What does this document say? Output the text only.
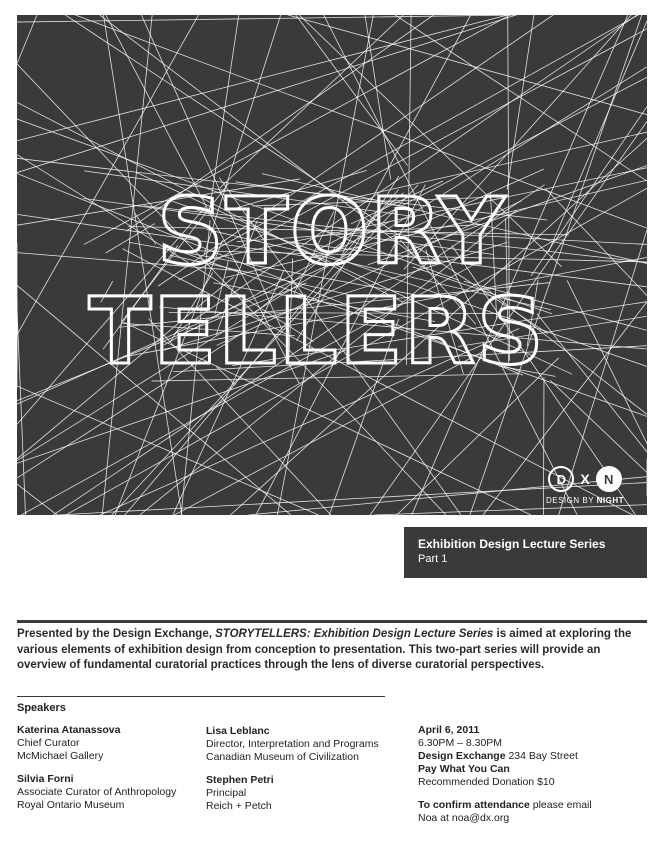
STORY
TELLERS
D	X	N
DESIGN BY NIGHT
Exhibition Design Lecture Series
Part 1
Presented by the Design Exchange, STORYTELLERS: Exhibition Design Lecture Series is aimed at exploring the various elements of exhibition design from conception to presentation. This two-part series will provide an overview of fundamental curatorial practices through the lens of diverse curatorial perspectives.
Speakers
Katerina Atanassova
Chief Curator
McMichael Gallery
Silvia Forni
Associate Curator of Anthropology
Royal Ontario Museum
Lisa Leblanc
Director, Interpretation and Programs
Canadian Museum of Civilization
Stephen Petri
Principal
Reich + Petch
April 6, 2011
6.30PM – 8.30PM
Design Exchange 234 Bay Street
Pay What You Can
Recommended Donation $10
To confirm attendance please email
Noa at noa@dx.org
